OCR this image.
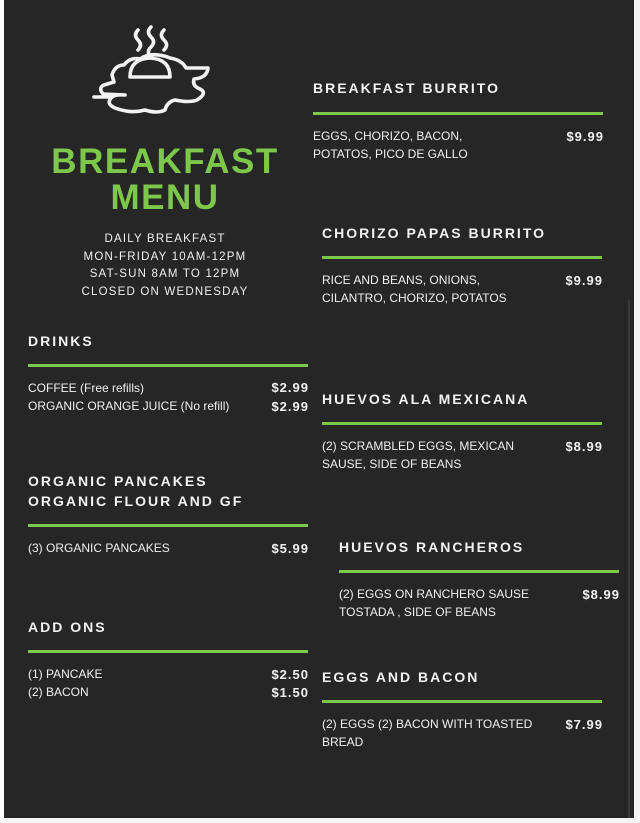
BREAKFAST
MENU
DAILY BREAKFAST
MON-FRIDAY 10AM-12PM
SAT-SUN 8AM TO 12PM
CLOSED ON WEDNESDAY
DRINKS
COFFEE (Free refills)	$2.99
ORGANIC ORANGE JUICE (No refill)	$2.99
ORGANIC PANCAKES
ORGANIC FLOUR AND GF
(3) ORGANIC PANCAKES	$5.99
ADD ONS
(1) PANCAKE	$2.50
(2) BACON	$1.50
BREAKFAST BURRITO
EGGS, CHORIZO, BACON,
POTATOS, PICO DE GALLO
$9.99
CHORIZO PAPAS BURRITO
RICE AND BEANS, ONIONS,
CILANTRO, CHORIZO, POTATOS
$9.99
HUEVOS ALA MEXICANA
(2) SCRAMBLED EGGS, MEXICAN
SAUSE, SIDE OF BEANS
$8.99
HUEVOS RANCHEROS
(2) EGGS ON RANCHERO SAUSE
TOSTADA , SIDE OF BEANS
$8.99
EGGS AND BACON
(2) EGGS (2) BACON WITH TOASTED
BREAD
$7.99
